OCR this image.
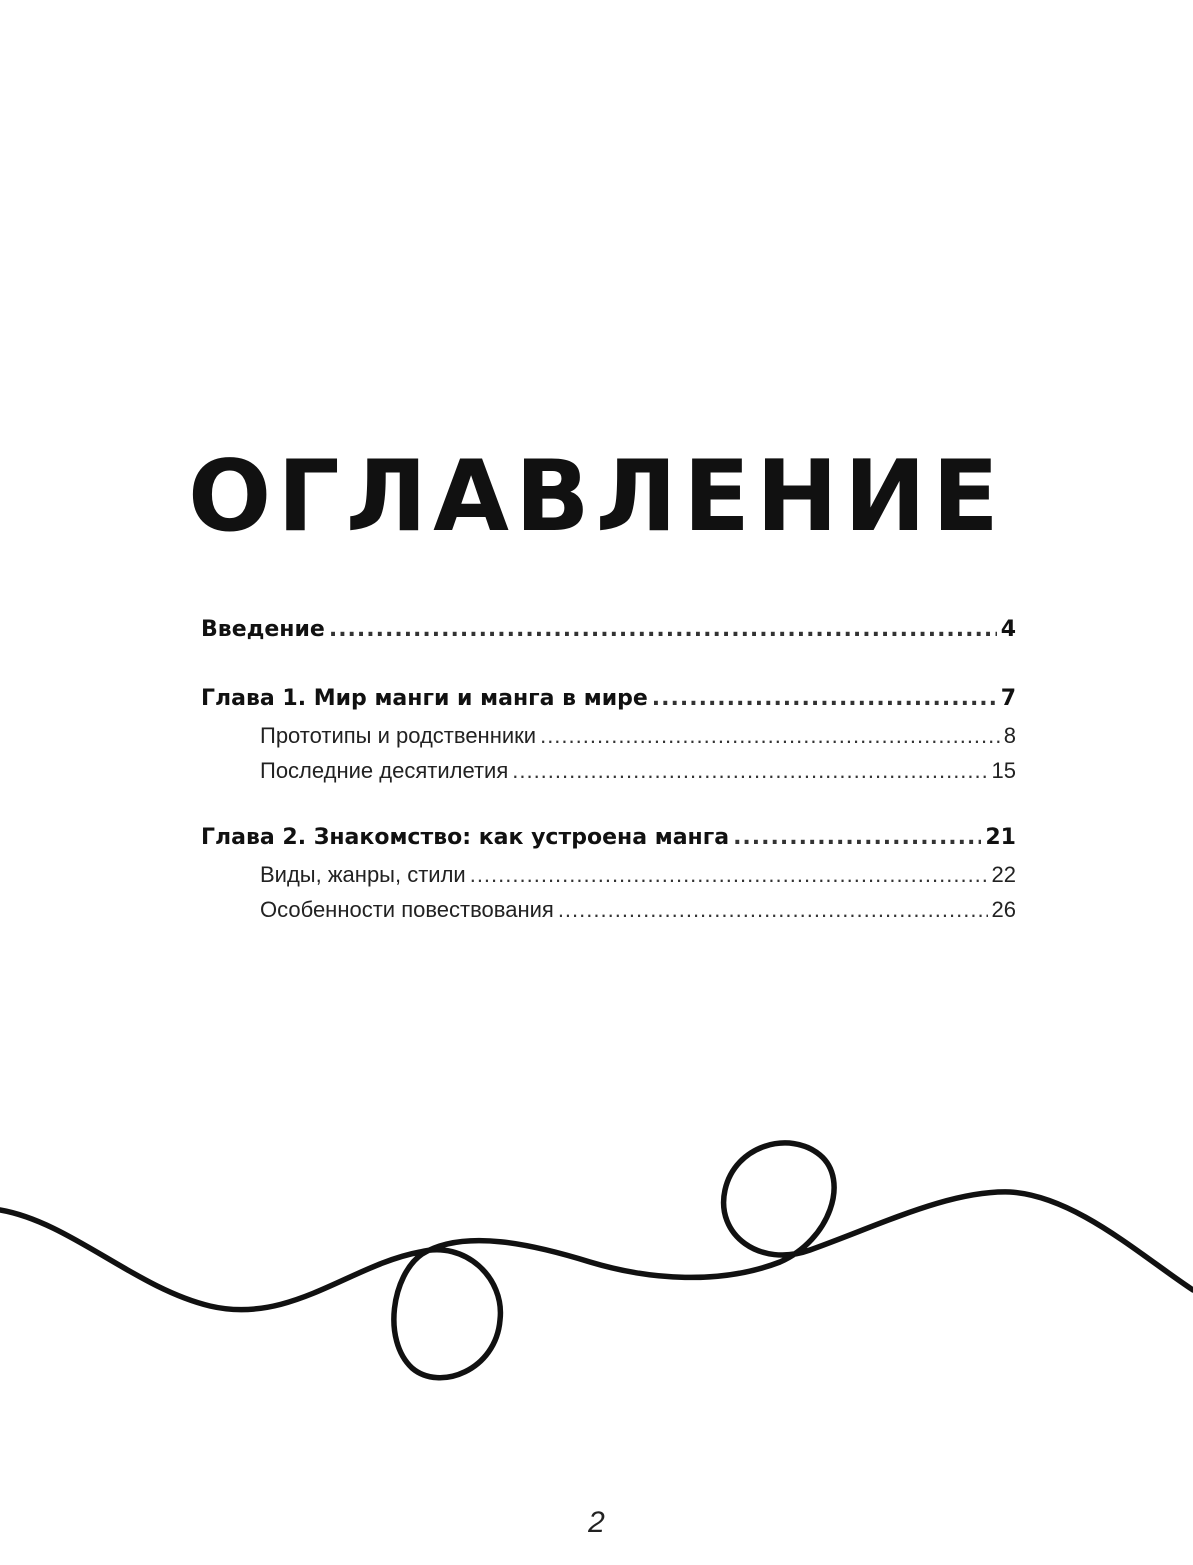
ОГЛАВЛЕНИЕ
Введение .....	4
Глава 1. Мир манги и манга в мире .....	7
Прототипы и родственники .....	8
Последние десятилетия .....	15
Глава 2. Знакомство: как устроена манга .....	21
Виды, жанры, стили .....	22
Особенности повествования .....	26
2
